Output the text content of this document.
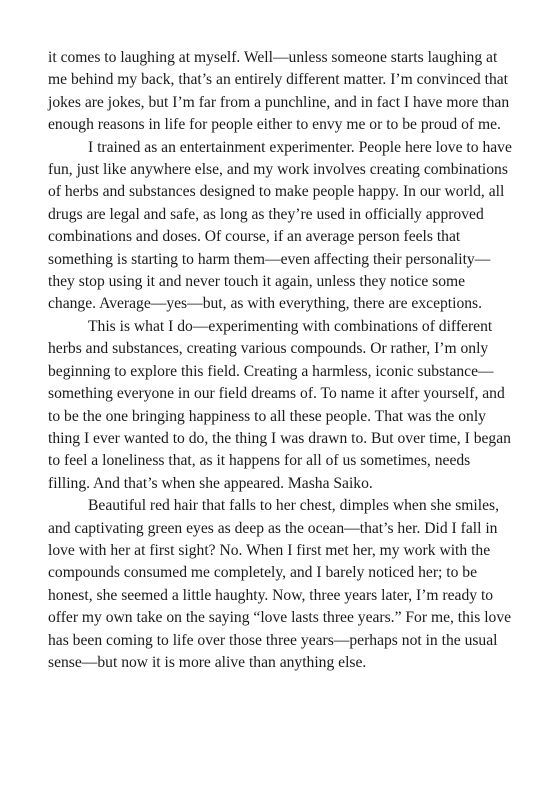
it comes to laughing at myself. Well—unless someone starts laughing at me behind my back, that’s an entirely different matter. I’m convinced that jokes are jokes, but I’m far from a punchline, and in fact I have more than enough reasons in life for people either to envy me or to be proud of me.

I trained as an entertainment experimenter. People here love to have fun, just like anywhere else, and my work involves creating combinations of herbs and substances designed to make people happy. In our world, all drugs are legal and safe, as long as they’re used in officially approved combinations and doses. Of course, if an average person feels that something is starting to harm them—even affecting their personality—they stop using it and never touch it again, unless they notice some change. Average—yes—but, as with everything, there are exceptions.

This is what I do—experimenting with combinations of different herbs and substances, creating various compounds. Or rather, I’m only beginning to explore this field. Creating a harmless, iconic substance—something everyone in our field dreams of. To name it after yourself, and to be the one bringing happiness to all these people. That was the only thing I ever wanted to do, the thing I was drawn to. But over time, I began to feel a loneliness that, as it happens for all of us sometimes, needs filling. And that’s when she appeared. Masha Saiko.

Beautiful red hair that falls to her chest, dimples when she smiles, and captivating green eyes as deep as the ocean—that’s her. Did I fall in love with her at first sight? No. When I first met her, my work with the compounds consumed me completely, and I barely noticed her; to be honest, she seemed a little haughty. Now, three years later, I’m ready to offer my own take on the saying “love lasts three years.” For me, this love has been coming to life over those three years—perhaps not in the usual sense—but now it is more alive than anything else.
